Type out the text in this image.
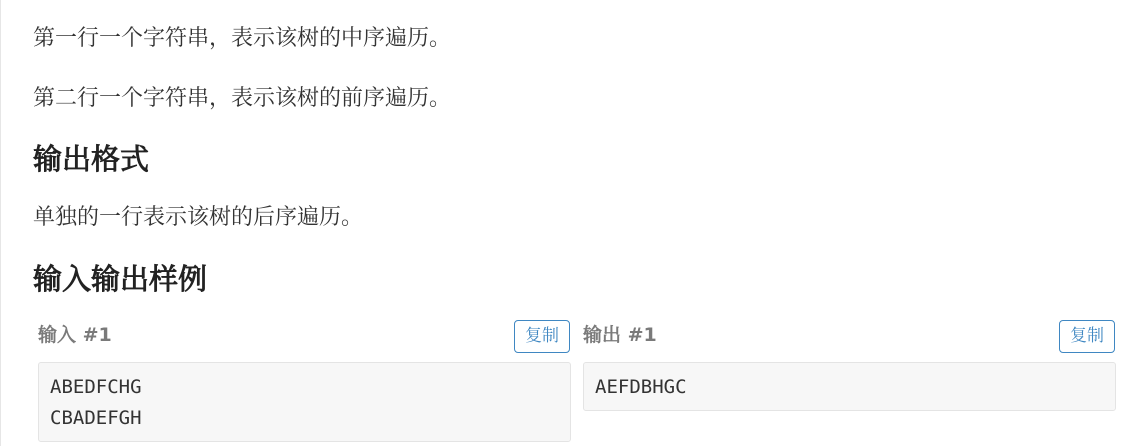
第一行一个字符串，表示该树的中序遍历。

第二行一个字符串，表示该树的前序遍历。

输出格式

单独的一行表示该树的后序遍历。

输入输出样例
输入 #1	复制
ABEDFCHG
CBADEFGH
输出 #1	复制
AEFDBHGC
